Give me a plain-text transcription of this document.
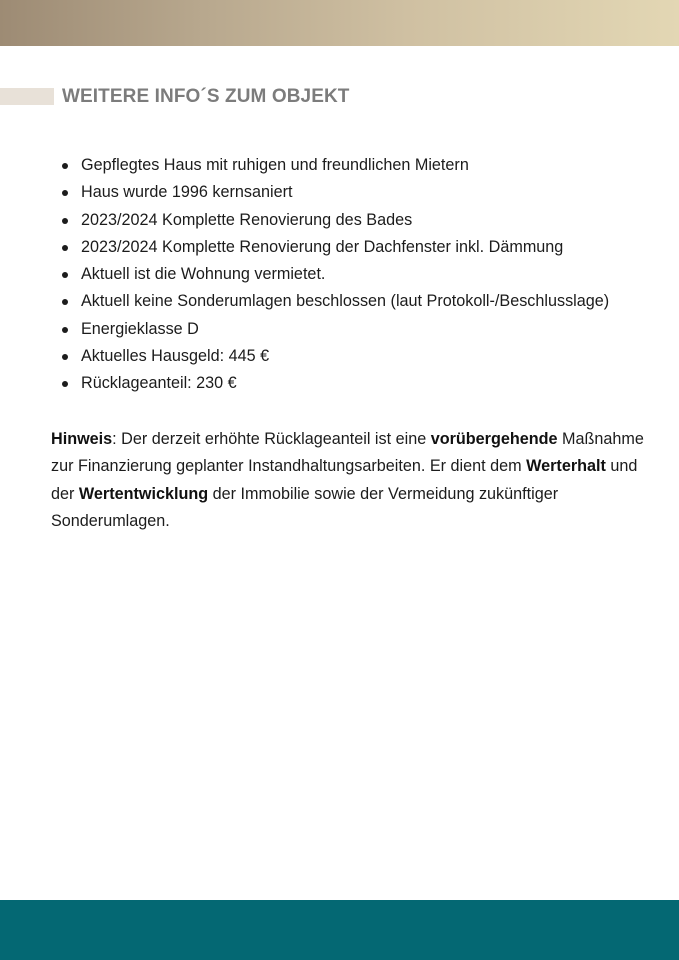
WEITERE INFO´S ZUM OBJEKT
Gepflegtes Haus mit ruhigen und freundlichen Mietern
Haus wurde 1996 kernsaniert
2023/2024 Komplette Renovierung des Bades
2023/2024 Komplette Renovierung der Dachfenster inkl. Dämmung
Aktuell ist die Wohnung vermietet.
Aktuell keine Sonderumlagen beschlossen (laut Protokoll-/Beschlusslage)
Energieklasse D
Aktuelles Hausgeld: 445 €
Rücklageanteil: 230 €

Hinweis: Der derzeit erhöhte Rücklageanteil ist eine vorübergehende Maßnahme zur Finanzierung geplanter Instandhaltungsarbeiten. Er dient dem Werterhalt und der Wertentwicklung der Immobilie sowie der Vermeidung zukünftiger Sonderumlagen.
